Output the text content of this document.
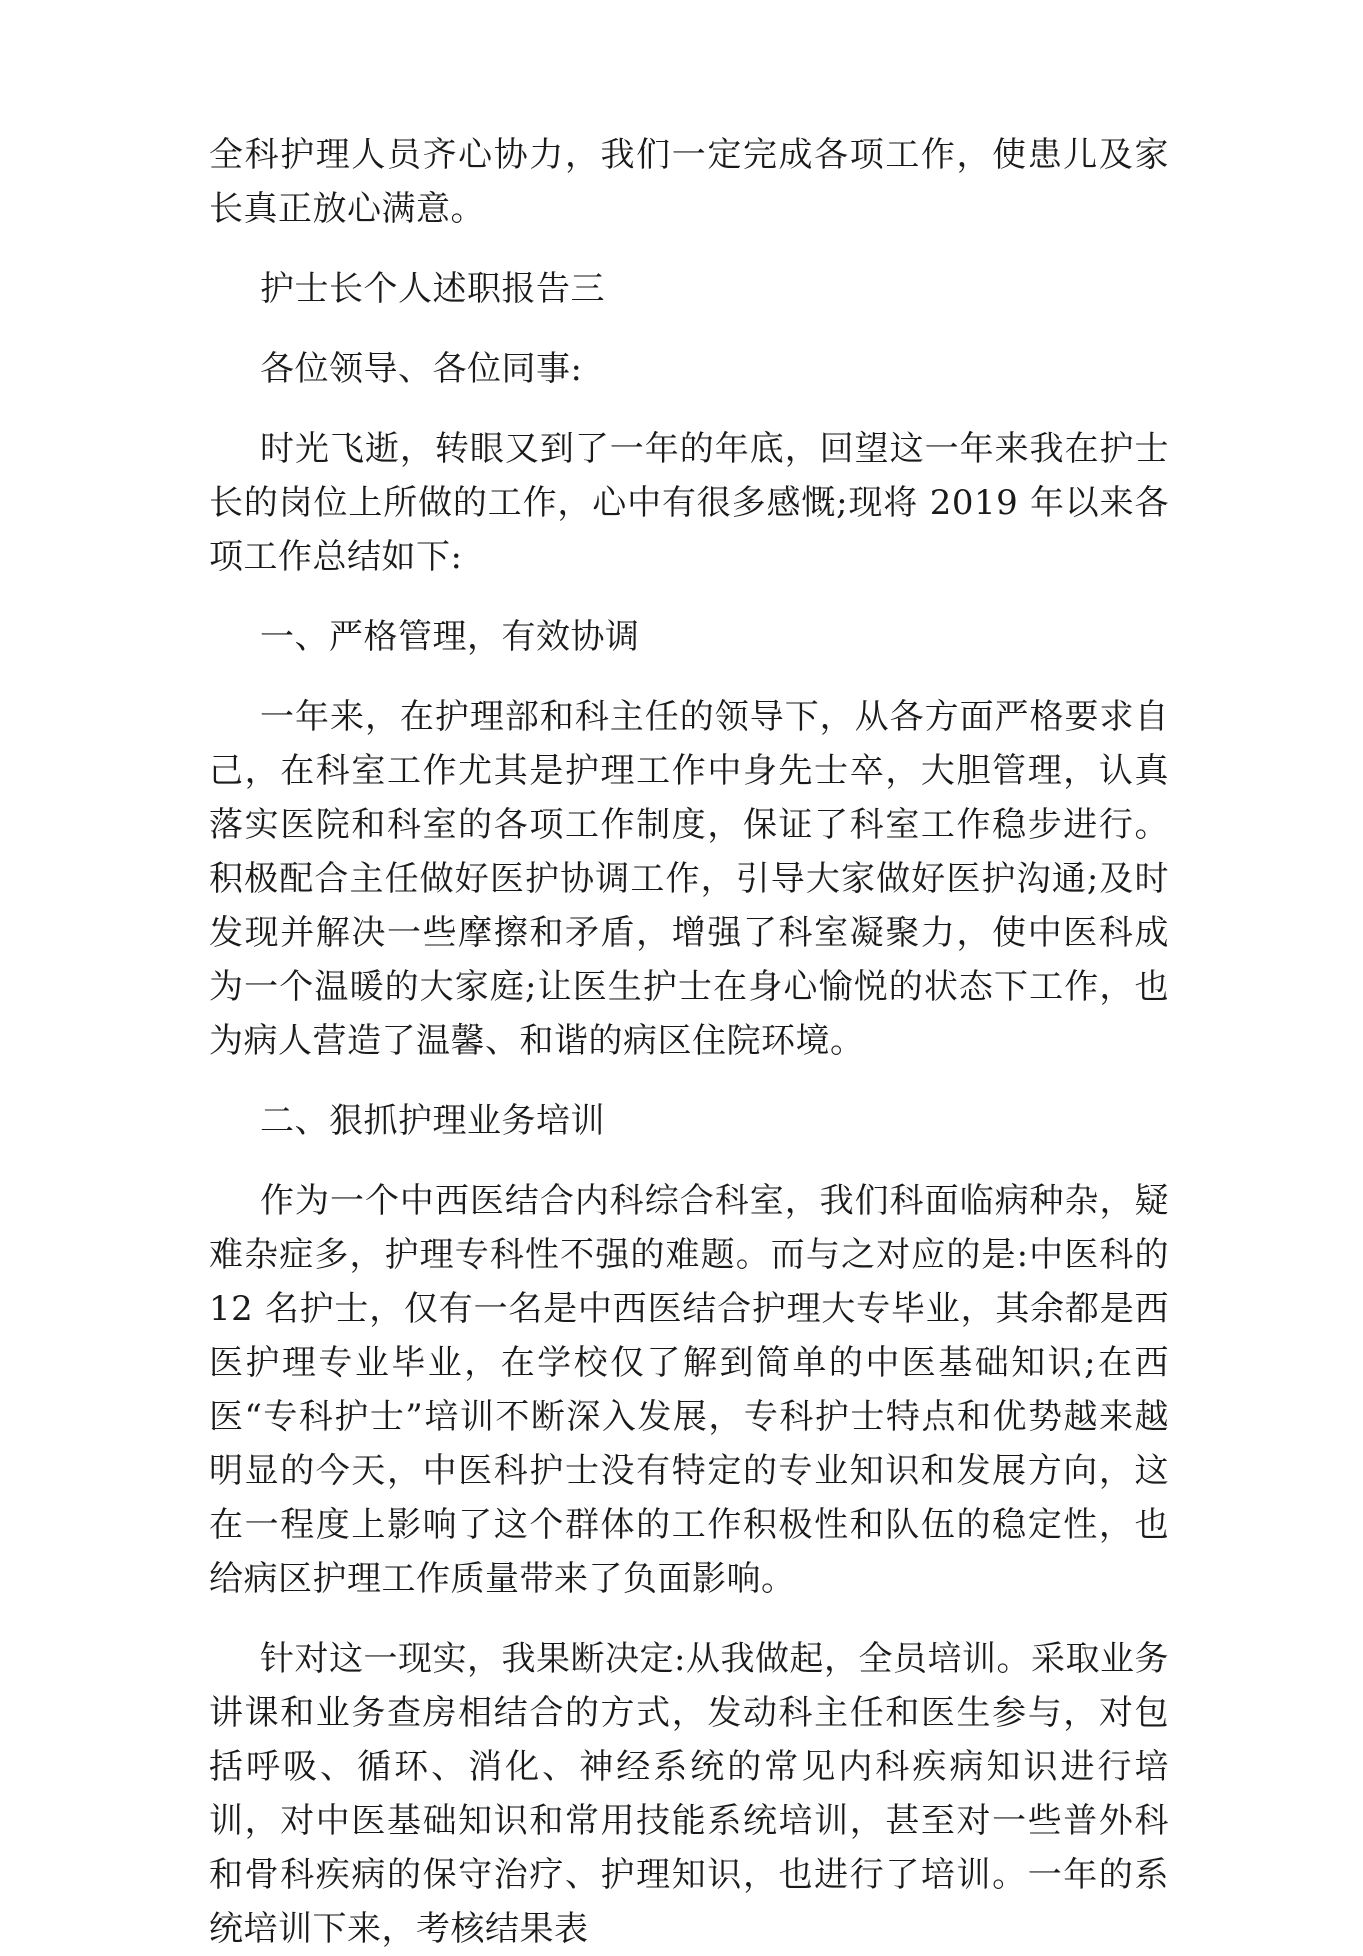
全科护理人员齐心协力，我们一定完成各项工作，使患儿及家长真正放心满意。

护士长个人述职报告三

各位领导、各位同事:

时光飞逝，转眼又到了一年的年底，回望这一年来我在护士长的岗位上所做的工作，心中有很多感慨;现将 2019 年以来各项工作总结如下:

一、严格管理，有效协调

一年来，在护理部和科主任的领导下，从各方面严格要求自己，在科室工作尤其是护理工作中身先士卒，大胆管理，认真落实医院和科室的各项工作制度，保证了科室工作稳步进行。积极配合主任做好医护协调工作，引导大家做好医护沟通;及时发现并解决一些摩擦和矛盾，增强了科室凝聚力，使中医科成为一个温暖的大家庭;让医生护士在身心愉悦的状态下工作，也为病人营造了温馨、和谐的病区住院环境。

二、狠抓护理业务培训

作为一个中西医结合内科综合科室，我们科面临病种杂，疑难杂症多，护理专科性不强的难题。而与之对应的是:中医科的 12 名护士，仅有一名是中西医结合护理大专毕业，其余都是西医护理专业毕业，在学校仅了解到简单的中医基础知识;在西医“专科护士”培训不断深入发展，专科护士特点和优势越来越明显的今天，中医科护士没有特定的专业知识和发展方向，这在一程度上影响了这个群体的工作积极性和队伍的稳定性，也给病区护理工作质量带来了负面影响。

针对这一现实，我果断决定:从我做起，全员培训。采取业务讲课和业务查房相结合的方式，发动科主任和医生参与，对包括呼吸、循环、消化、神经系统的常见内科疾病知识进行培训，对中医基础知识和常用技能系统培训，甚至对一些普外科和骨科疾病的保守治疗、护理知识，也进行了培训。一年的系统培训下来，考核结果表
